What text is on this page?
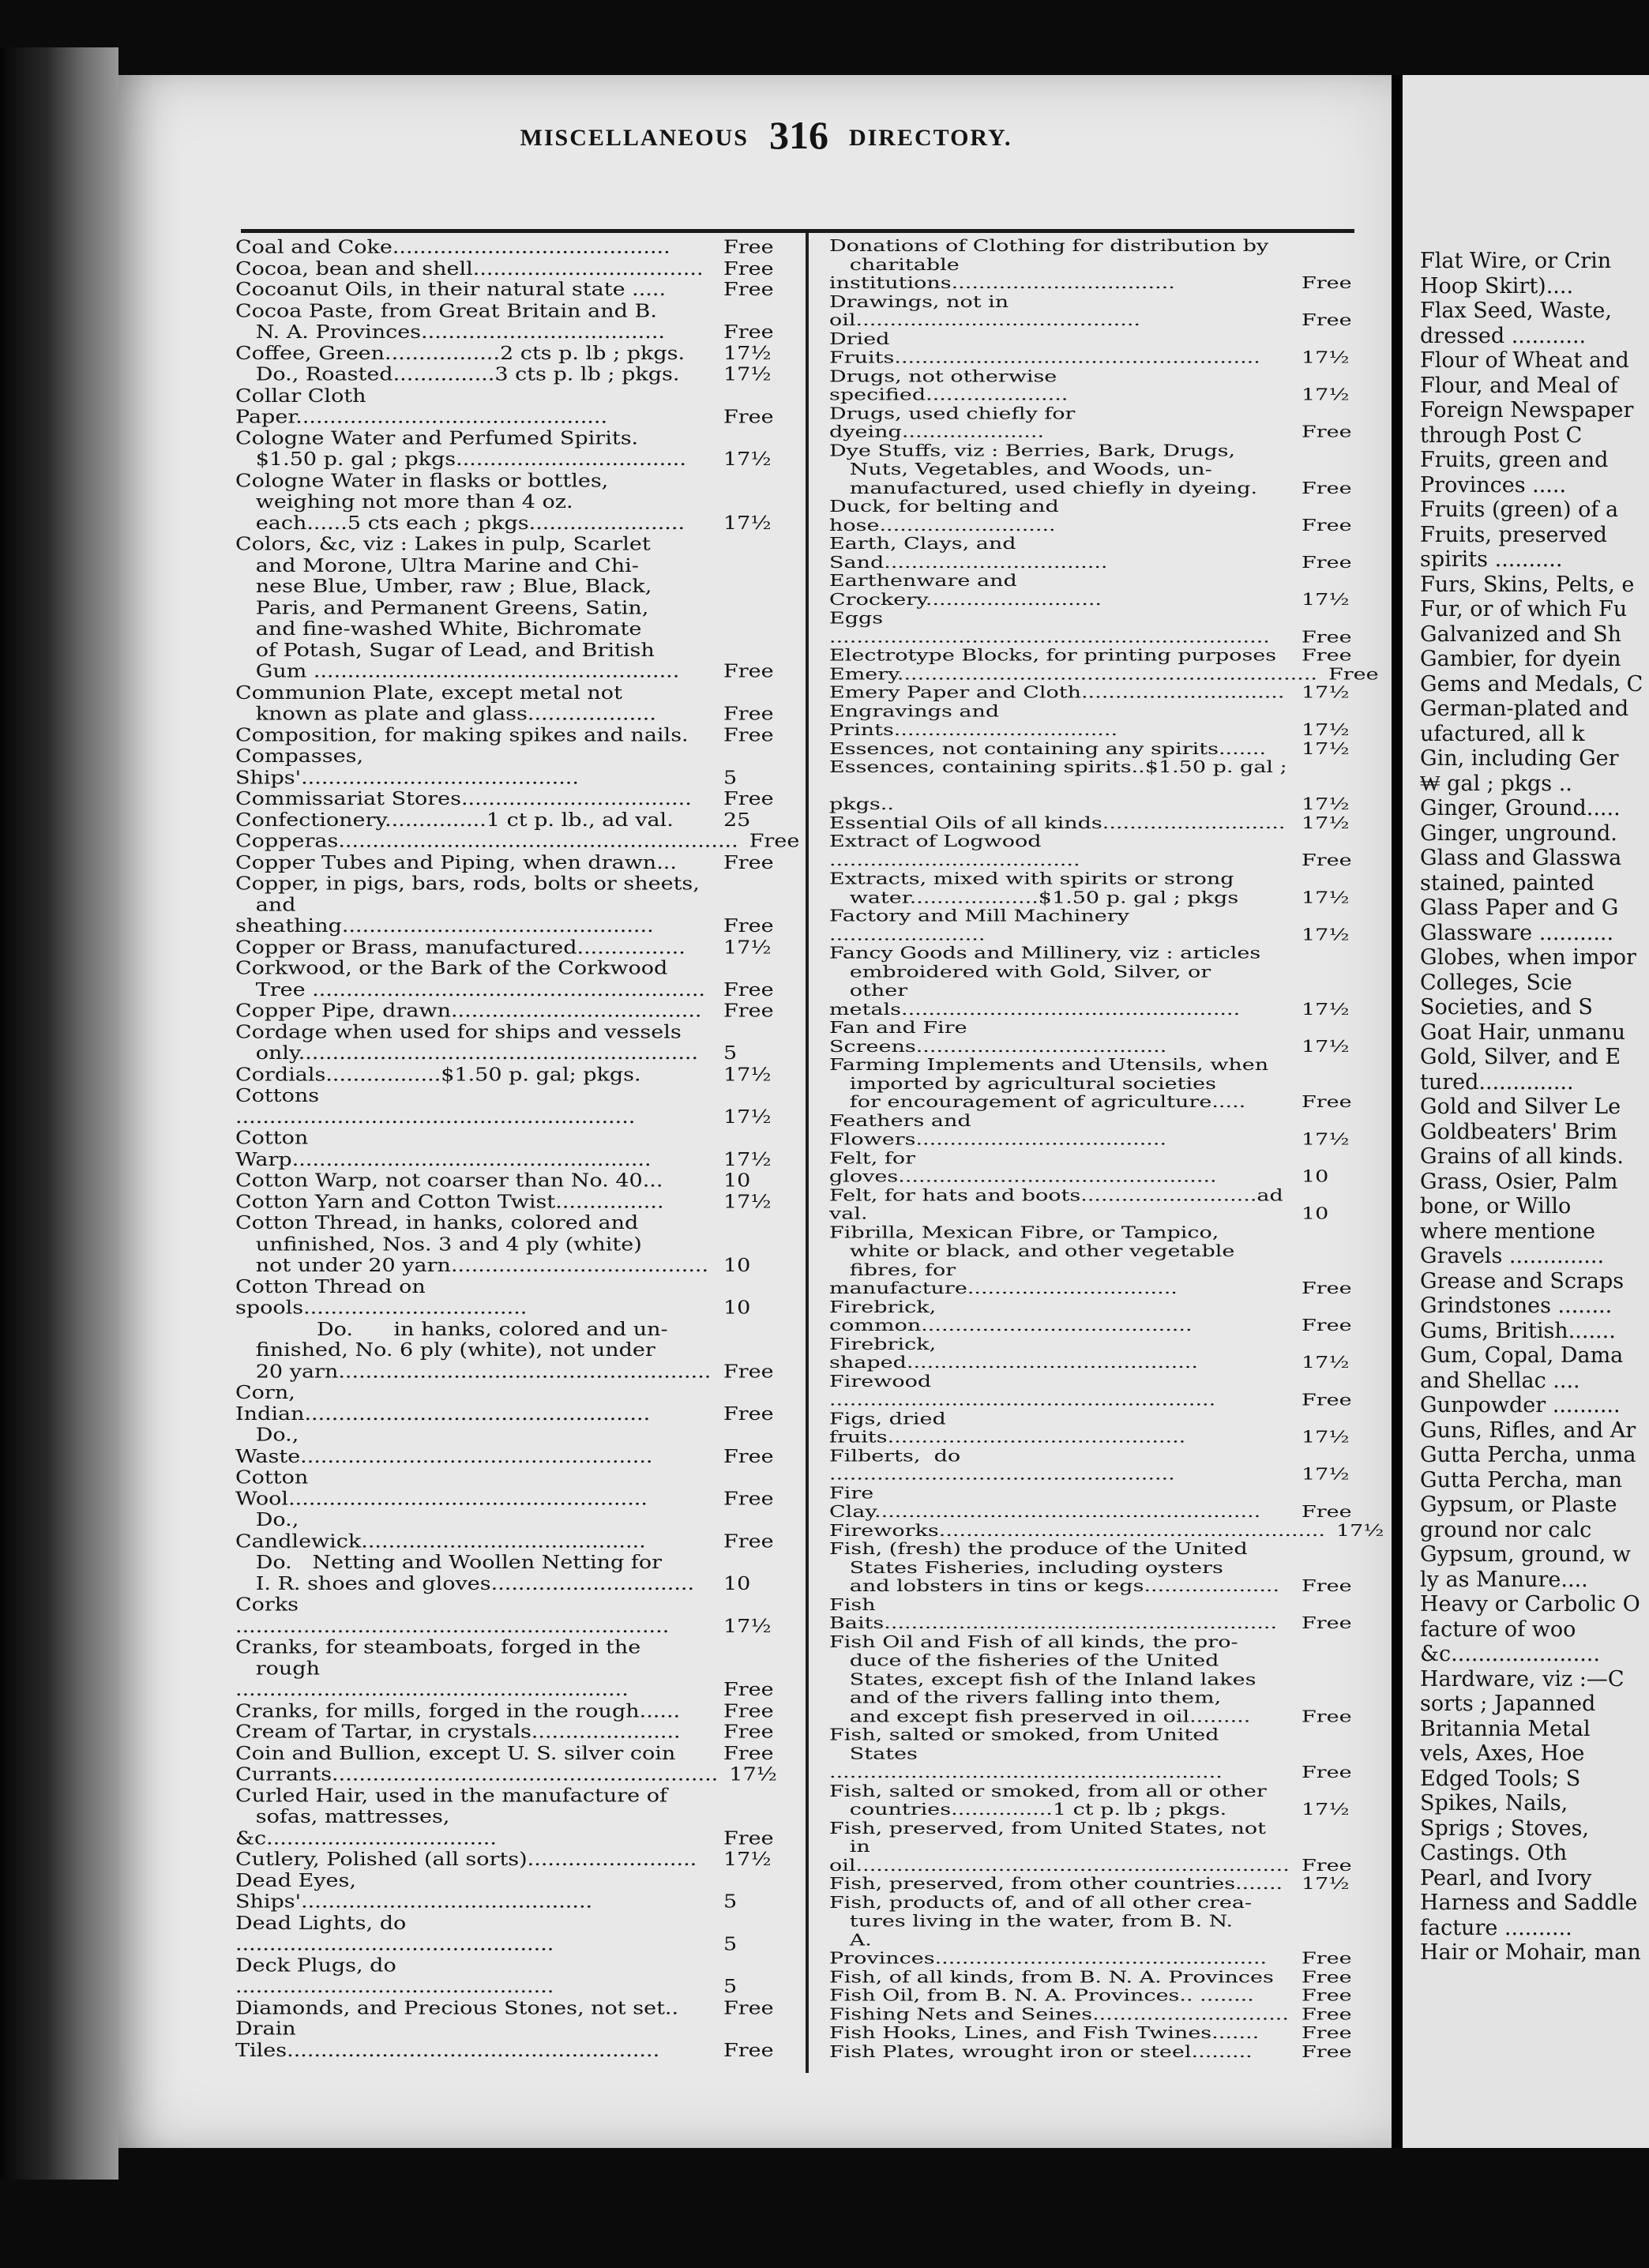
Flat Wire, or Crin
Hoop Skirt)....
Flax Seed, Waste,
dressed ...........
Flour of Wheat and
Flour, and Meal of
Foreign Newspaper
through Post C
Fruits, green and
Provinces .....
Fruits (green) of a
Fruits, preserved
spirits ..........
Furs, Skins, Pelts, e
Fur, or of which Fu
Galvanized and Sh
Gambier, for dyein
Gems and Medals, C
German-plated and
ufactured, all k
Gin, including Ger
₩ gal ; pkgs ..
Ginger, Ground.....
Ginger, unground.
Glass and Glasswa
stained, painted
Glass Paper and G
Glassware ...........
Globes, when impor
Colleges, Scie
Societies, and S
Goat Hair, unmanu
Gold, Silver, and E
tured..............
Gold and Silver Le
Goldbeaters' Brim
Grains of all kinds.
Grass, Osier, Palm
bone, or Willo
where mentione
Gravels ..............
Grease and Scraps
Grindstones ........
Gums, British.......
Gum, Copal, Dama
and Shellac ....
Gunpowder ..........
Guns, Rifles, and Ar
Gutta Percha, unma
Gutta Percha, man
Gypsum, or Plaste
ground nor calc
Gypsum, ground, w
ly as Manure....
Heavy or Carbolic O
facture of woo
&c......................
Hardware, viz :—C
sorts ; Japanned
Britannia Metal
vels, Axes, Hoe
Edged Tools; S
Spikes, Nails,
Sprigs ; Stoves,
Castings. Oth
Pearl, and Ivory
Harness and Saddle
facture ..........
Hair or Mohair, man
MISCELLANEOUS 316 DIRECTORY.
Coal and Coke.........................................	Free
Cocoa, bean and shell.................................. Free
Cocoanut Oils, in their natural state .....	Free
Cocoa Paste, from Great Britain and B.
N. A. Provinces....................................	Free
Coffee, Green.................2 cts p. lb ; pkgs.	17½
Do., Roasted...............3 cts p. lb ; pkgs.	17½
Collar Cloth Paper..............................................	Free
Cologne Water and Perfumed Spirits.
$1.50 p. gal ; pkgs..................................	17½
Cologne Water in flasks or bottles,
weighing not more than 4 oz.
each......5 cts each ; pkgs.......................	17½
Colors, &c, viz : Lakes in pulp, Scarlet
and Morone, Ultra Marine and Chi-
nese Blue, Umber, raw ; Blue, Black,
Paris, and Permanent Greens, Satin,
and fine-washed White, Bichromate
of Potash, Sugar of Lead, and British
Gum ......................................................	Free
Communion Plate, except metal not
known as plate and glass...................	Free
Composition, for making spikes and nails.	Free
Compasses, Ships'.........................................	5
Commissariat Stores..................................	Free
Confectionery...............1 ct p. lb., ad val.	25
Copperas........................................................... Free
Copper Tubes and Piping, when drawn...	Free
Copper, in pigs, bars, rods, bolts or sheets,
and sheathing..............................................	Free
Copper or Brass, manufactured................	17½
Corkwood, or the Bark of the Corkwood
Tree .......................................................... Free
Copper Pipe, drawn.....................................	Free
Cordage when used for ships and vessels
only...........................................................	5
Cordials.................$1.50 p. gal; pkgs.	17½
Cottons ...........................................................	17½
Cotton Warp.....................................................	17½
Cotton Warp, not coarser than No. 40...	10
Cotton Yarn and Cotton Twist................	17½
Cotton Thread, in hanks, colored and
unfinished, Nos. 3 and 4 ply (white)
not under 20 yarn...................................... 10
Cotton Thread on spools.................................	10
Do.      in hanks, colored and un-
finished, No. 6 ply (white), not under
20 yarn....................................................... Free
Corn, Indian...................................................	Free
Do., Waste....................................................	Free
Cotton Wool.....................................................	Free
Do., Candlewick..........................................	Free
Do.   Netting and Woollen Netting for
I. R. shoes and gloves..............................	10
Corks ................................................................	17½
Cranks, for steamboats, forged in the
rough ..........................................................	Free
Cranks, for mills, forged in the rough......	Free
Cream of Tartar, in crystals......................	Free
Coin and Bullion, except U. S. silver coin	Free
Currants......................................................... 17½
Curled Hair, used in the manufacture of
sofas, mattresses, &c..................................	Free
Cutlery, Polished (all sorts).........................	17½
Dead Eyes, Ships'...........................................	5
Dead Lights, do ...............................................	5
Deck Plugs, do ...............................................	5
Diamonds, and Precious Stones, not set..	Free
Drain Tiles.......................................................	Free
Donations of Clothing for distribution by
charitable institutions.................................	Free
Drawings, not in oil..........................................	Free
Dried Fruits......................................................	17½
Drugs, not otherwise specified.....................	17½
Drugs, used chiefly for dyeing.....................	Free
Dye Stuffs, viz : Berries, Bark, Drugs,
Nuts, Vegetables, and Woods, un-
manufactured, used chiefly in dyeing.	Free
Duck, for belting and hose..........................	Free
Earth, Clays, and Sand.................................	Free
Earthenware and Crockery..........................	17½
Eggs .................................................................	Free
Electrotype Blocks, for printing purposes	Free
Emery.............................................................. Free
Emery Paper and Cloth.............................. 17½
Engravings and Prints.................................	17½
Essences, not containing any spirits.......	17½
Essences, containing spirits..$1.50 p. gal ;
pkgs..	17½
Essential Oils of all kinds........................... 17½
Extract of Logwood .....................................	Free
Extracts, mixed with spirits or strong
water...................$1.50 p. gal ; pkgs	17½
Factory and Mill Machinery .......................	17½
Fancy Goods and Millinery, viz : articles
embroidered with Gold, Silver, or
other metals..................................................	17½
Fan and Fire Screens.....................................	17½
Farming Implements and Utensils, when
imported by agricultural societies
for encouragement of agriculture.....	Free
Feathers and Flowers.....................................	17½
Felt, for gloves...............................................	10
Felt, for hats and boots..........................ad val.	10
Fibrilla, Mexican Fibre, or Tampico,
white or black, and other vegetable
fibres, for manufacture...............................	Free
Firebrick, common........................................	Free
Firebrick, shaped...........................................	17½
Firewood .........................................................	Free
Figs, dried fruits............................................	17½
Filberts,  do ...................................................	17½
Fire Clay.........................................................	Free
Fireworks......................................................... 17½
Fish, (fresh) the produce of the United
States Fisheries, including oysters
and lobsters in tins or kegs....................	Free
Fish Baits..........................................................	Free
Fish Oil and Fish of all kinds, the pro-
duce of the fisheries of the United
States, except fish of the Inland lakes
and of the rivers falling into them,
and except fish preserved in oil.........	Free
Fish, salted or smoked, from United
States ..........................................................	Free
Fish, salted or smoked, from all or other
countries...............1 ct p. lb ; pkgs.	17½
Fish, preserved, from United States, not
in oil................................................................ Free
Fish, preserved, from other countries....... 17½
Fish, products of, and of all other crea-
tures living in the water, from B. N.
A. Provinces.................................................	Free
Fish, of all kinds, from B. N. A. Provinces	Free
Fish Oil, from B. N. A. Provinces.. ........	Free
Fishing Nets and Seines............................. Free
Fish Hooks, Lines, and Fish Twines.......	Free
Fish Plates, wrought iron or steel.........	Free
